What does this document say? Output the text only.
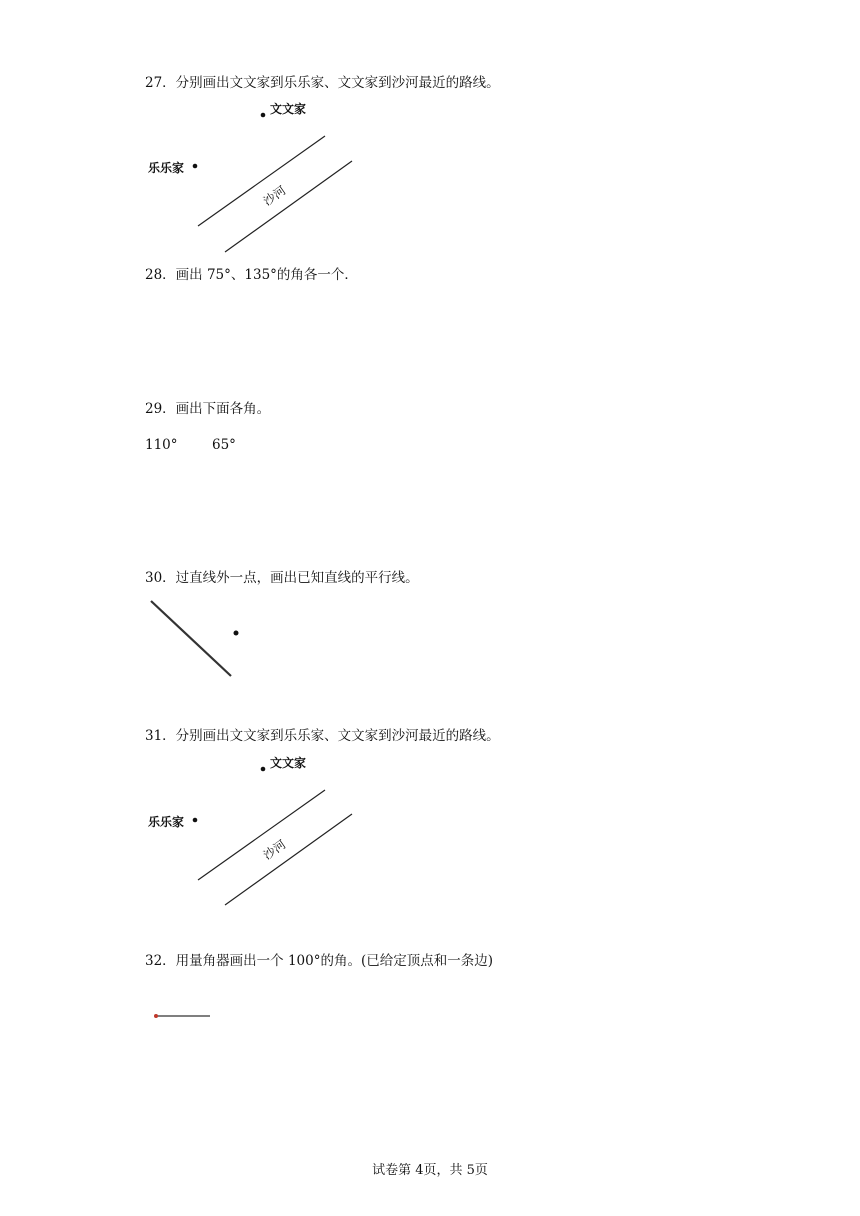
27．分别画出文文家到乐乐家、文文家到沙河最近的路线。
文文家
乐乐家
沙河
28．画出 75°、135°的角各一个．
29．画出下面各角。
110°	65°
30．过直线外一点，画出已知直线的平行线。
31．分别画出文文家到乐乐家、文文家到沙河最近的路线。
文文家
乐乐家
沙河
32．用量角器画出一个 100°的角。(已给定顶点和一条边)
试卷第 4页，共 5页
